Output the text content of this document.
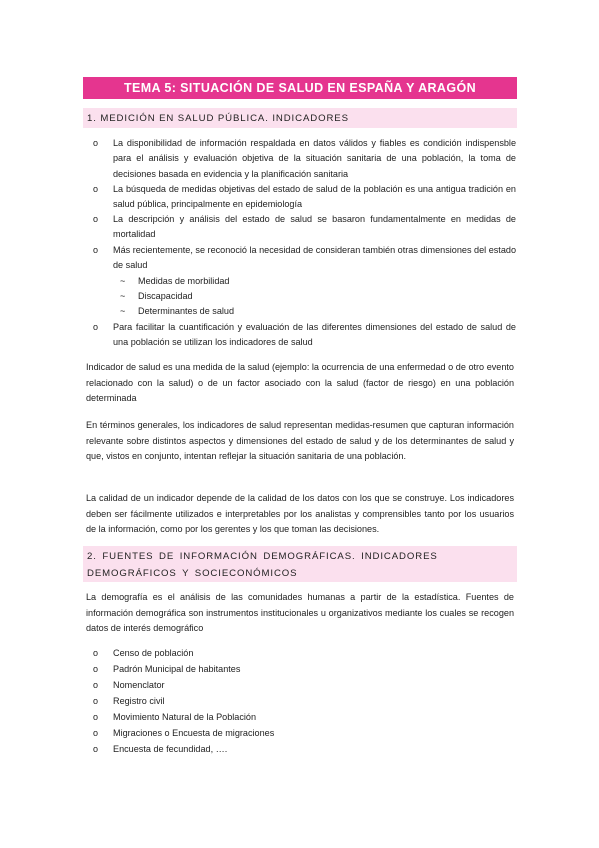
TEMA 5: SITUACIÓN DE SALUD EN ESPAÑA Y ARAGÓN
1. MEDICIÓN EN SALUD PÚBLICA. INDICADORES
o La disponibilidad de información respaldada en datos válidos y fiables es condición indispensble para el análisis y evaluación objetiva de la situación sanitaria de una población, la toma de decisiones basada en evidencia y la planificación sanitaria
o La búsqueda de medidas objetivas del estado de salud de la población es una antigua tradición en salud pública, principalmente en epidemiología
o La descripción y análisis del estado de salud se basaron fundamentalmente en medidas de mortalidad
o Más recientemente, se reconoció la necesidad de consideran también otras dimensiones del estado de salud
~ Medidas de morbilidad
~ Discapacidad
~ Determinantes de salud
o Para facilitar la cuantificación y evaluación de las diferentes dimensiones del estado de salud de una población se utilizan los indicadores de salud

Indicador de salud es una medida de la salud (ejemplo: la ocurrencia de una enfermedad o de otro evento relacionado con la salud) o de un factor asociado con la salud (factor de riesgo) en una población determinada

En términos generales, los indicadores de salud representan medidas-resumen que capturan información relevante sobre distintos aspectos y dimensiones del estado de salud y de los determinantes de salud y que, vistos en conjunto, intentan reflejar la situación sanitaria de una población.

La calidad de un indicador depende de la calidad de los datos con los que se construye. Los indicadores deben ser fácilmente utilizados e interpretables por los analistas y comprensibles tanto por los usuarios de la información, como por los gerentes y los que toman las decisiones.

2. FUENTES DE INFORMACIÓN DEMOGRÁFICAS. INDICADORES DEMOGRÁFICOS Y SOCIECONÓMICOS

La demografía es el análisis de las comunidades humanas a partir de la estadística. Fuentes de información demográfica son instrumentos institucionales u organizativos mediante los cuales se recogen datos de interés demográfico

o Censo de población
o Padrón Municipal de habitantes
o Nomenclator
o Registro civil
o Movimiento Natural de la Población
o Migraciones o Encuesta de migraciones
o Encuesta de fecundidad, ….
